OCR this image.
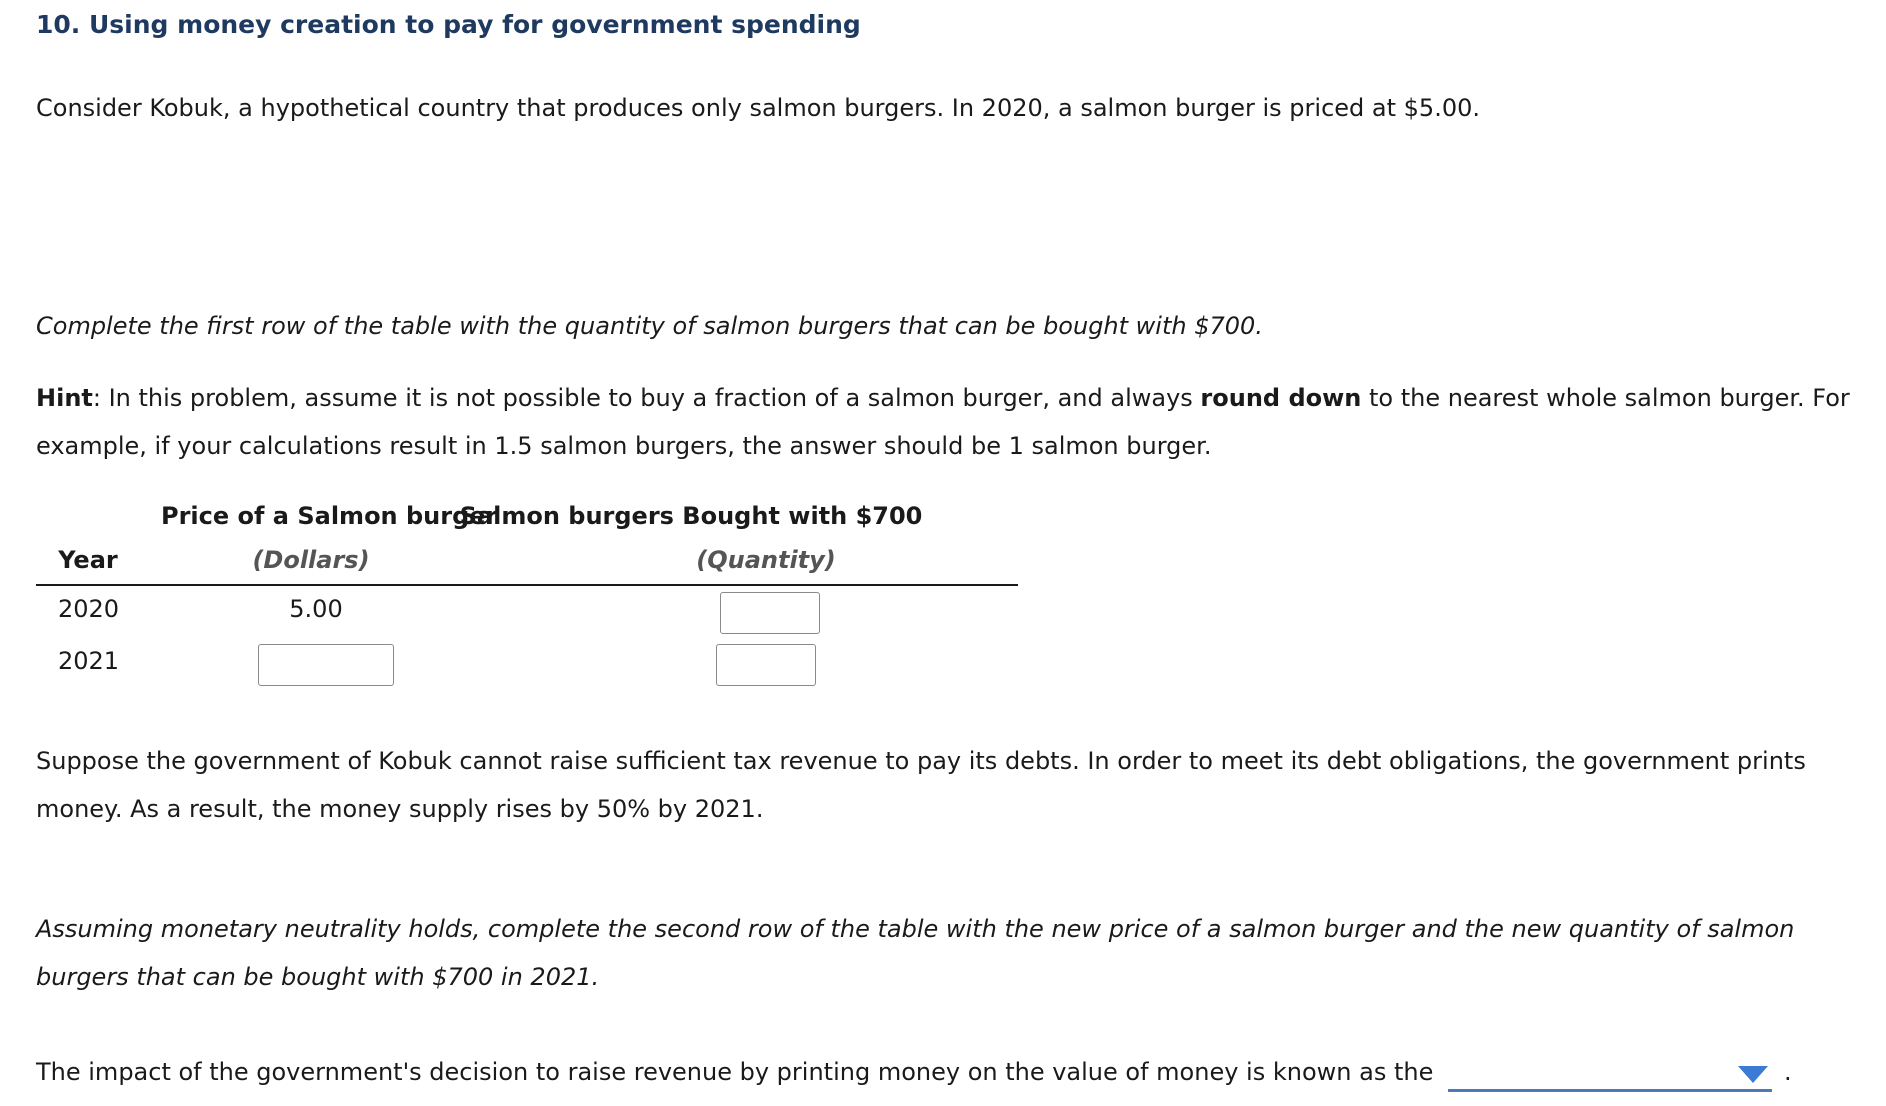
10. Using money creation to pay for government spending
Consider Kobuk, a hypothetical country that produces only salmon burgers. In 2020, a salmon burger is priced at $5.00.
Complete the first row of the table with the quantity of salmon burgers that can be bought with $700.
Hint: In this problem, assume it is not possible to buy a fraction of a salmon burger, and always round down to the nearest whole salmon burger. For example, if your calculations result in 1.5 salmon burgers, the answer should be 1 salmon burger.
Price of a Salmon burger
Salmon burgers Bought with $700
Year	(Dollars)	(Quantity)
2020	5.00
2021
Suppose the government of Kobuk cannot raise sufficient tax revenue to pay its debts. In order to meet its debt obligations, the government prints money. As a result, the money supply rises by 50% by 2021.
Assuming monetary neutrality holds, complete the second row of the table with the new price of a salmon burger and the new quantity of salmon burgers that can be bought with $700 in 2021.
The impact of the government's decision to raise revenue by printing money on the value of money is known as the	.
